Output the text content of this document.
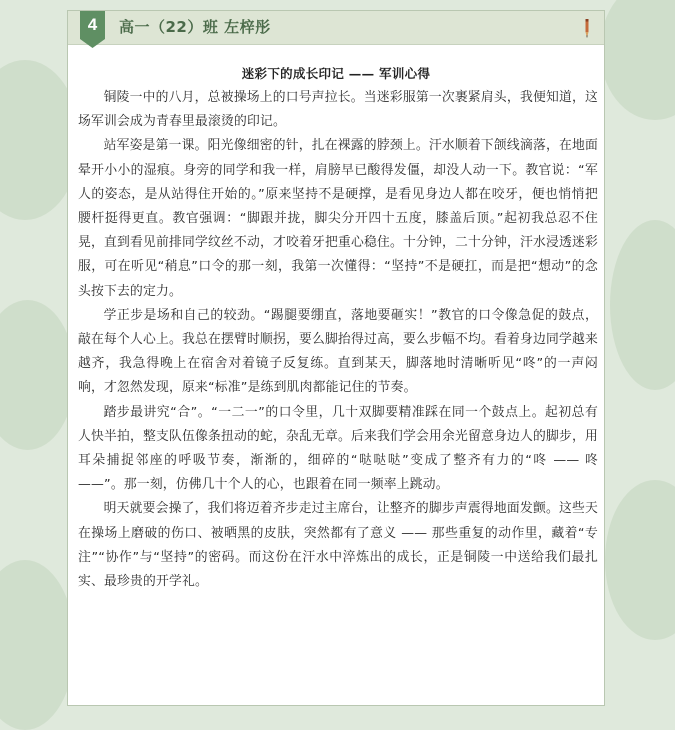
4	高一（22）班 左梓彤
迷彩下的成长印记 —— 军训心得

铜陵一中的八月，总被操场上的口号声拉长。当迷彩服第一次裹紧肩头，我便知道，这场军训会成为青春里最滚烫的印记。

站军姿是第一课。阳光像细密的针，扎在裸露的脖颈上。汗水顺着下颌线滴落，在地面晕开小小的湿痕。身旁的同学和我一样，肩膀早已酸得发僵，却没人动一下。教官说：“军人的姿态，是从站得住开始的。”原来坚持不是硬撑，是看见身边人都在咬牙，便也悄悄把腰杆挺得更直。教官强调：“脚跟并拢，脚尖分开四十五度，膝盖后顶。”起初我总忍不住晃，直到看见前排同学纹丝不动，才咬着牙把重心稳住。十分钟，二十分钟，汗水浸透迷彩服，可在听见“稍息”口令的那一刻，我第一次懂得：“坚持”不是硬扛，而是把“想动”的念头按下去的定力。

学正步是场和自己的较劲。“踢腿要绷直，落地要砸实！”教官的口令像急促的鼓点，敲在每个人心上。我总在摆臂时顺拐，要么脚抬得过高，要么步幅不均。看着身边同学越来越齐，我急得晚上在宿舍对着镜子反复练。直到某天，脚落地时清晰听见“咚”的一声闷响，才忽然发现，原来“标准”是练到肌肉都能记住的节奏。

踏步最讲究“合”。“一二一”的口令里，几十双脚要精准踩在同一个鼓点上。起初总有人快半拍，整支队伍像条扭动的蛇，杂乱无章。后来我们学会用余光留意身边人的脚步，用耳朵捕捉邻座的呼吸节奏，渐渐的，细碎的“哒哒哒”变成了整齐有力的“咚 —— 咚 ——”。那一刻，仿佛几十个人的心，也跟着在同一频率上跳动。

明天就要会操了，我们将迈着齐步走过主席台，让整齐的脚步声震得地面发颤。这些天在操场上磨破的伤口、被晒黑的皮肤，突然都有了意义 —— 那些重复的动作里，藏着“专注”“协作”与“坚持”的密码。而这份在汗水中淬炼出的成长，正是铜陵一中送给我们最扎实、最珍贵的开学礼。
